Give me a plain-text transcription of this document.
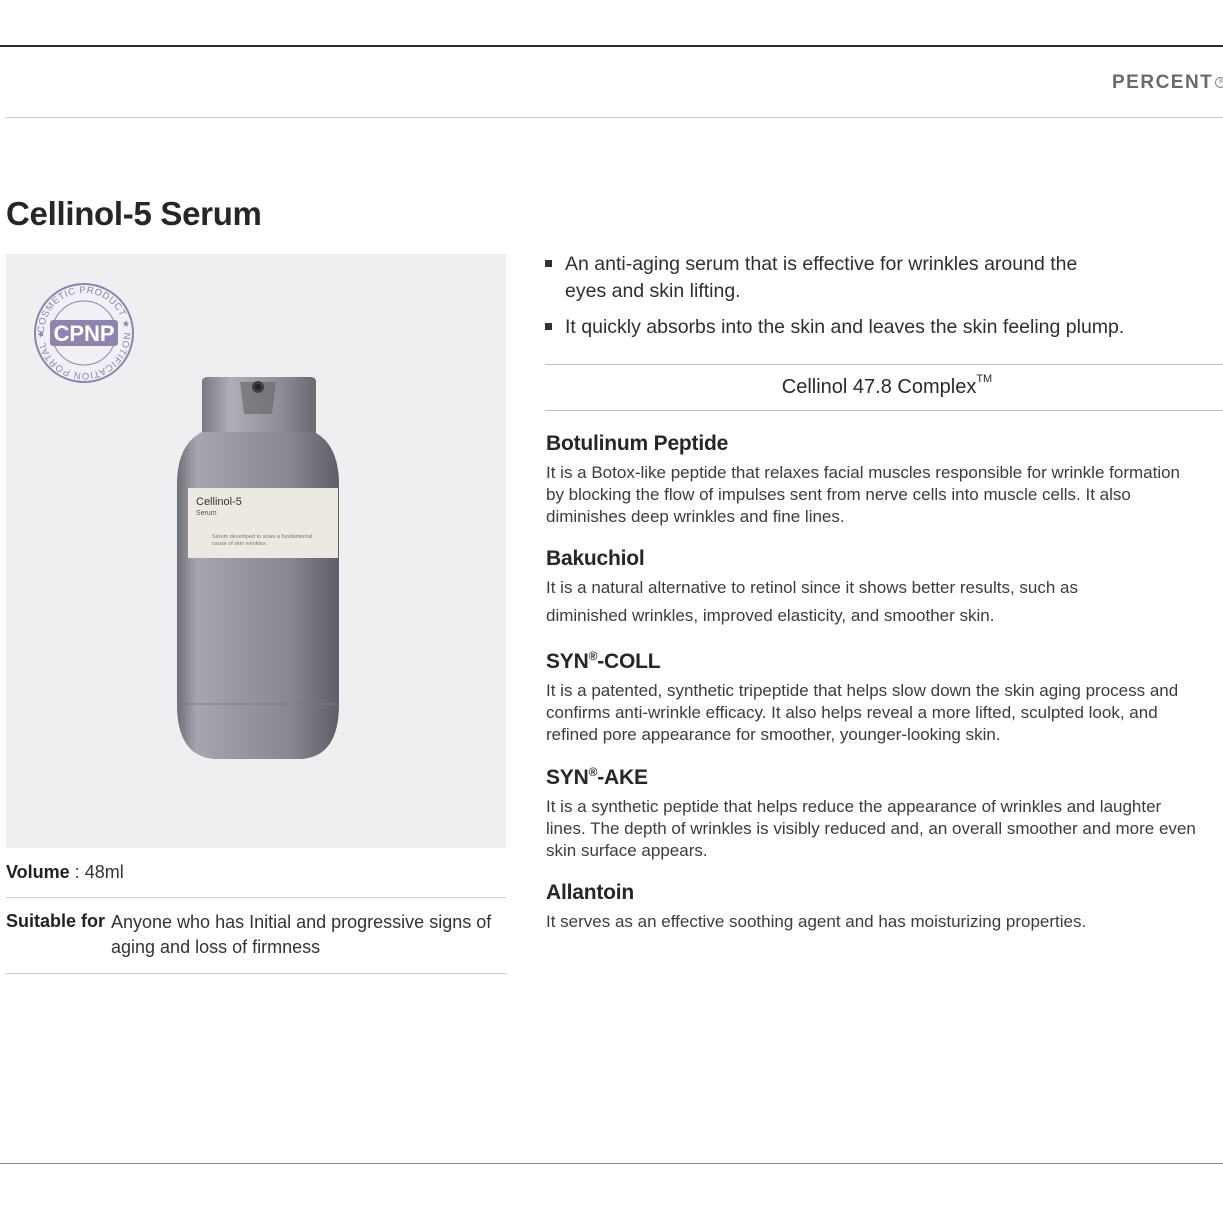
PERCENT ®
Cellinol-5 Serum
COSMETIC PRODUCT ★ NOTIFICATION PORTAL ★ CPNP
Cellinol-5
Serum
Serum developed to solve a fundamental cause of skin wrinkles.
Volume : 48ml
Suitable for Anyone who has Initial and progressive signs of aging and loss of firmness
An anti-aging serum that is effective for wrinkles around the eyes and skin lifting.
It quickly absorbs into the skin and leaves the skin feeling plump.
Cellinol 47.8 Complex™
Botulinum Peptide

It is a Botox-like peptide that relaxes facial muscles responsible for wrinkle formation by blocking the flow of impulses sent from nerve cells into muscle cells. It also diminishes deep wrinkles and fine lines.

Bakuchiol

It is a natural alternative to retinol since it shows better results, such as diminished wrinkles, improved elasticity, and smoother skin.

SYN®-COLL

It is a patented, synthetic tripeptide that helps slow down the skin aging process and confirms anti-wrinkle efficacy. It also helps reveal a more lifted, sculpted look, and refined pore appearance for smoother, younger-looking skin.

SYN®-AKE

It is a synthetic peptide that helps reduce the appearance of wrinkles and laughter lines. The depth of wrinkles is visibly reduced and, an overall smoother and more even skin surface appears.

Allantoin

It serves as an effective soothing agent and has moisturizing properties.
